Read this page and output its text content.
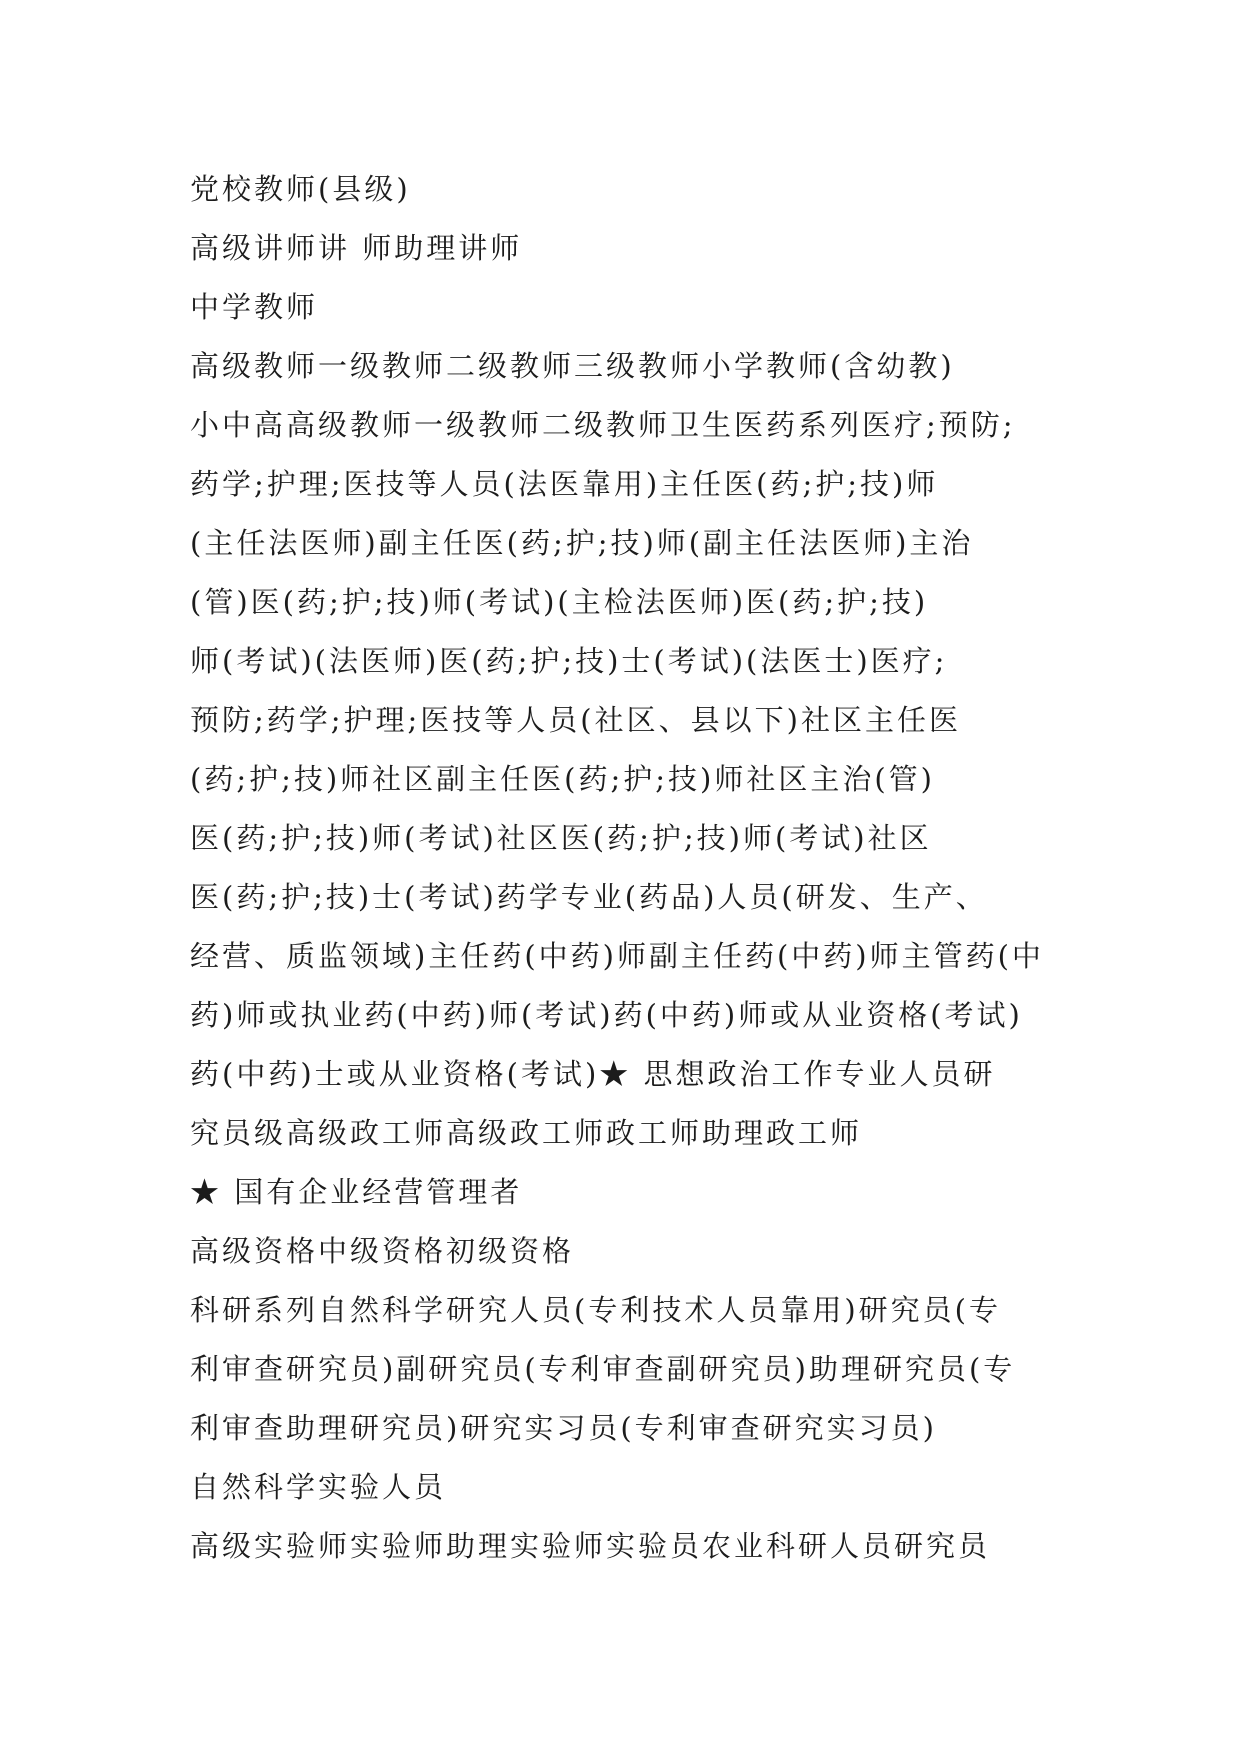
党校教师(县级)
高级讲师讲 师助理讲师
中学教师
高级教师一级教师二级教师三级教师小学教师(含幼教)
小中高高级教师一级教师二级教师卫生医药系列医疗;预防;
药学;护理;医技等人员(法医靠用)主任医(药;护;技)师
(主任法医师)副主任医(药;护;技)师(副主任法医师)主治
(管)医(药;护;技)师(考试)(主检法医师)医(药;护;技)
师(考试)(法医师)医(药;护;技)士(考试)(法医士)医疗;
预防;药学;护理;医技等人员(社区、县以下)社区主任医
(药;护;技)师社区副主任医(药;护;技)师社区主治(管)
医(药;护;技)师(考试)社区医(药;护;技)师(考试)社区
医(药;护;技)士(考试)药学专业(药品)人员(研发、生产、
经营、质监领域)主任药(中药)师副主任药(中药)师主管药(中
药)师或执业药(中药)师(考试)药(中药)师或从业资格(考试)
药(中药)士或从业资格(考试)★ 思想政治工作专业人员研
究员级高级政工师高级政工师政工师助理政工师
★ 国有企业经营管理者
高级资格中级资格初级资格
科研系列自然科学研究人员(专利技术人员靠用)研究员(专
利审查研究员)副研究员(专利审查副研究员)助理研究员(专
利审查助理研究员)研究实习员(专利审查研究实习员)
自然科学实验人员
高级实验师实验师助理实验师实验员农业科研人员研究员
